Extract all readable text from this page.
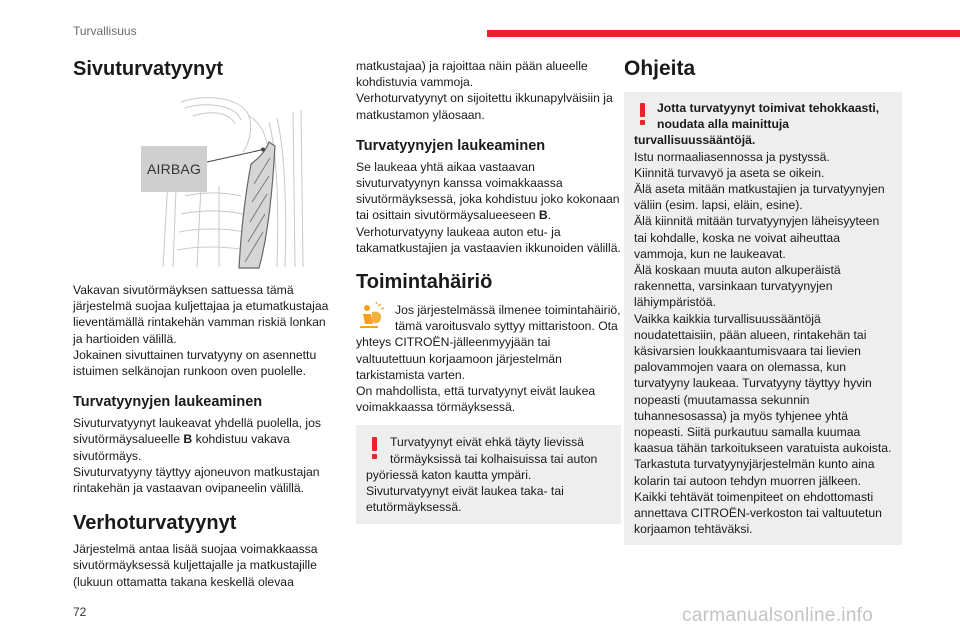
Turvallisuus
Sivuturvatyynyt
AIRBAG

Vakavan sivutörmäyksen sattuessa tämä järjestelmä suojaa kuljettajaa ja etumatkustajaa lieventämällä rintakehän vamman riskiä lonkan ja hartioiden välillä.

Jokainen sivuttainen turvatyyny on asennettu istuimen selkänojan runkoon oven puolelle.

Turvatyynyjen laukeaminen

Sivuturvatyynyt laukeavat yhdellä puolella, jos sivutörmäysalueelle B kohdistuu vakava sivutörmäys.

Sivuturvatyyny täyttyy ajoneuvon matkustajan rintakehän ja vastaavan ovipaneelin välillä.

Verhoturvatyynyt

Järjestelmä antaa lisää suojaa voimakkaassa sivutörmäyksessä kuljettajalle ja matkustajille (lukuun ottamatta takana keskellä olevaa

matkustajaa) ja rajoittaa näin pään alueelle kohdistuvia vammoja.

Verhoturvatyynyt on sijoitettu ikkunapylväisiin ja matkustamon yläosaan.

Turvatyynyjen laukeaminen

Se laukeaa yhtä aikaa vastaavan sivuturvatyynyn kanssa voimakkaassa sivutörmäyksessä, joka kohdistuu joko kokonaan tai osittain sivutörmäysalueeseen B.

Verhoturvatyyny laukeaa auton etu- ja takamatkustajien ja vastaavien ikkunoiden välillä.

Toimintahäiriö

Jos järjestelmässä ilmenee toimintahäiriö,

tämä varoitusvalo syttyy mittaristoon. Ota

yhteys CITROËN-jälleenmyyjään tai valtuutettuun korjaamoon järjestelmän tarkistamista varten.

On mahdollista, että turvatyynyt eivät laukea voimakkaassa törmäyksessä.

Turvatyynyt eivät ehkä täyty lievissä

törmäyksissä tai kolhaisuissa tai auton

pyöriessä katon kautta ympäri.

Sivuturvatyynyt eivät laukea taka- tai etutörmäyksessä.

Ohjeita

Jotta turvatyynyt toimivat tehokkaasti,

noudata alla mainittuja

turvallisuussääntöjä.

Istu normaaliasennossa ja pystyssä.

Kiinnitä turvavyö ja aseta se oikein.

Älä aseta mitään matkustajien ja turvatyynyjen väliin (esim. lapsi, eläin, esine).

Älä kiinnitä mitään turvatyynyjen läheisyyteen tai kohdalle, koska ne voivat aiheuttaa vammoja, kun ne laukeavat.

Älä koskaan muuta auton alkuperäistä rakennetta, varsinkaan turvatyynyjen lähiympäristöä.

Vaikka kaikkia turvallisuussääntöjä noudatettaisiin, pään alueen, rintakehän tai käsivarsien loukkaantumisvaara tai lievien palovammojen vaara on olemassa, kun turvatyyny laukeaa. Turvatyyny täyttyy hyvin nopeasti (muutamassa sekunnin tuhannesosassa) ja myös tyhjenee yhtä nopeasti. Siitä purkautuu samalla kuumaa kaasua tähän tarkoitukseen varatuista aukoista.

Tarkastuta turvatyynyjärjestelmän kunto aina kolarin tai autoon tehdyn muorren jälkeen.

Kaikki tehtävät toimenpiteet on ehdottomasti annettava CITROËN-verkoston tai valtuutetun korjaamon tehtäväksi.

72	carmanualsonline.info
